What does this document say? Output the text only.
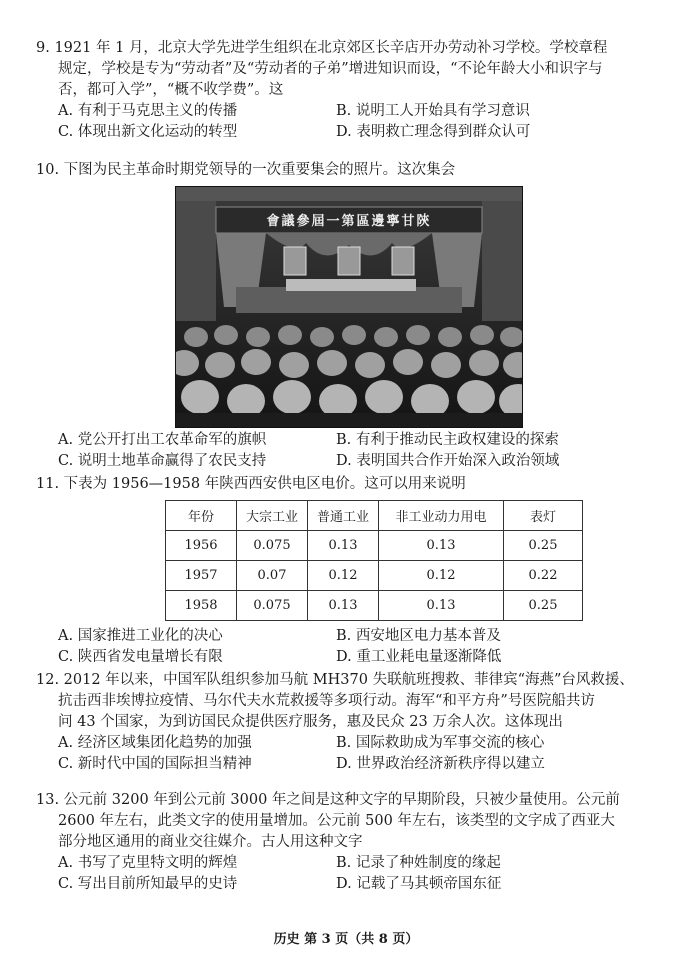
9. 1921 年 1 月，北京大学先进学生组织在北京郊区长辛店开办劳动补习学校。学校章程
规定，学校是专为“劳动者”及“劳动者的子弟”增进知识而设，“不论年龄大小和识字与
否，都可入学”，“概不收学费”。这
A. 有利于马克思主义的传播	B. 说明工人开始具有学习意识
C. 体现出新文化运动的转型	D. 表明救亡理念得到群众认可
10. 下图为民主革命时期党领导的一次重要集会的照片。这次集会
會議參屆一第區邊寧甘陝
A. 党公开打出工农革命军的旗帜	B. 有利于推动民主政权建设的探索
C. 说明土地革命赢得了农民支持	D. 表明国共合作开始深入政治领域
11. 下表为 1956—1958 年陕西西安供电区电价。这可以用来说明
年份	大宗工业	普通工业	非工业动力用电	表灯
1956	0.075	0.13	0.13	0.25
1957	0.07	0.12	0.12	0.22
1958	0.075	0.13	0.13	0.25
A. 国家推进工业化的决心	B. 西安地区电力基本普及
C. 陕西省发电量增长有限	D. 重工业耗电量逐渐降低
12. 2012 年以来，中国军队组织参加马航 MH370 失联航班搜救、菲律宾“海燕”台风救援、
抗击西非埃博拉疫情、马尔代夫水荒救援等多项行动。海军“和平方舟”号医院船共访
问 43 个国家，为到访国民众提供医疗服务，惠及民众 23 万余人次。这体现出
A. 经济区域集团化趋势的加强	B. 国际救助成为军事交流的核心
C. 新时代中国的国际担当精神	D. 世界政治经济新秩序得以建立
13. 公元前 3200 年到公元前 3000 年之间是这种文字的早期阶段，只被少量使用。公元前
2600 年左右，此类文字的使用量增加。公元前 500 年左右，该类型的文字成了西亚大
部分地区通用的商业交往媒介。古人用这种文字
A. 书写了克里特文明的辉煌	B. 记录了种姓制度的缘起
C. 写出目前所知最早的史诗	D. 记载了马其顿帝国东征
历史 第 3 页（共 8 页）
